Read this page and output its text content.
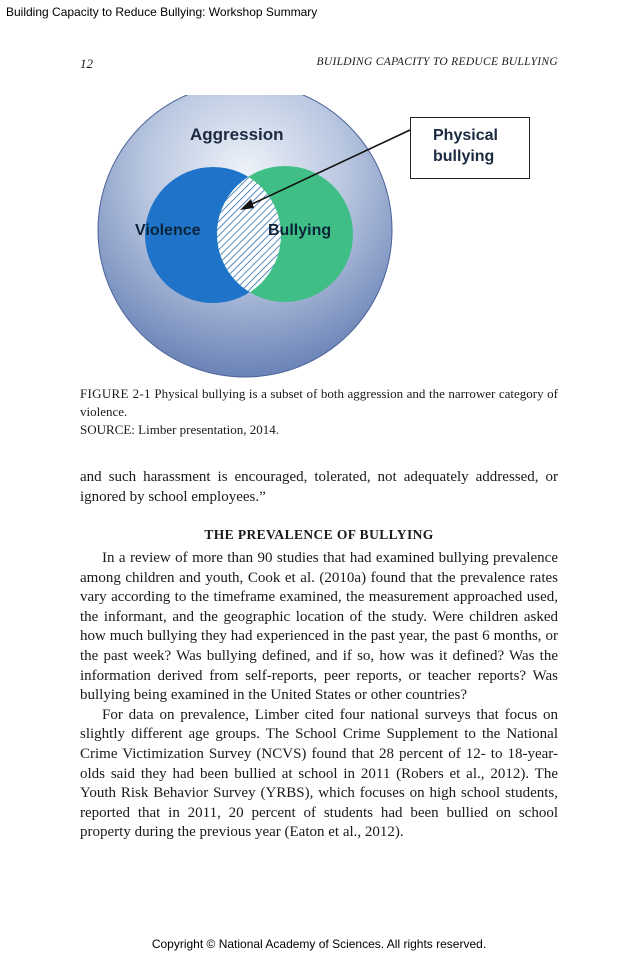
Building Capacity to Reduce Bullying: Workshop Summary
12	BUILDING CAPACITY TO REDUCE BULLYING
Aggression
Violence	Bullying
Physical
bullying
FIGURE 2-1 Physical bullying is a subset of both aggression and the narrower category of violence.
SOURCE: Limber presentation, 2014.
and such harassment is encouraged, tolerated, not adequately addressed, or ignored by school employees.”
THE PREVALENCE OF BULLYING

In a review of more than 90 studies that had examined bullying prevalence among children and youth, Cook et al. (2010a) found that the prevalence rates vary according to the timeframe examined, the measurement approached used, the informant, and the geographic location of the study. Were children asked how much bullying they had experienced in the past year, the past 6 months, or the past week? Was bullying defined, and if so, how was it defined? Was the information derived from self-reports, peer reports, or teacher reports? Was bullying being examined in the United States or other countries?

For data on prevalence, Limber cited four national surveys that focus on slightly different age groups. The School Crime Supplement to the National Crime Victimization Survey (NCVS) found that 28 percent of 12- to 18-year-olds said they had been bullied at school in 2011 (Robers et al., 2012). The Youth Risk Behavior Survey (YRBS), which focuses on high school students, reported that in 2011, 20 percent of students had been bullied on school property during the previous year (Eaton et al., 2012).

Copyright © National Academy of Sciences. All rights reserved.
